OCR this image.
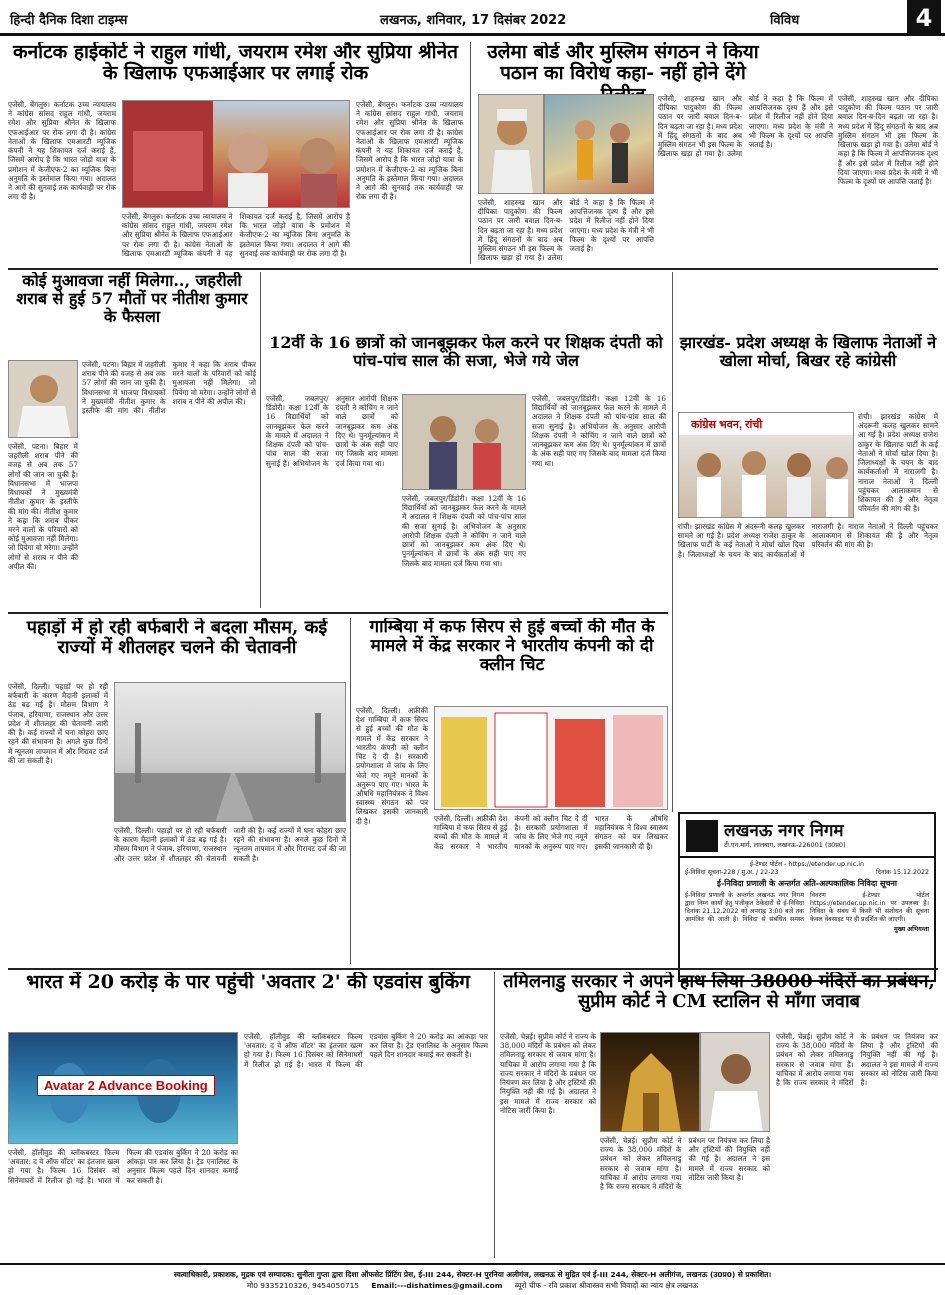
हिन्दी दैनिक दिशा टाइम्स	लखनऊ, शनिवार, 17 दिसंबर 2022	विविध	4
कर्नाटक हाईकोर्ट ने राहुल गांधी, जयराम रमेश और सुप्रिया श्रीनेत के खिलाफ एफआईआर पर लगाई रोक

एजेंसी, बेंगलुरु। कर्नाटक उच्च न्यायालय ने कांग्रेस सांसद राहुल गांधी, जयराम रमेश और सुप्रिया श्रीनेत के खिलाफ एफआईआर पर रोक लगा दी है। कांग्रेस नेताओं के खिलाफ एमआरटी म्यूजिक कंपनी ने यह शिकायत दर्ज कराई है, जिसमें आरोप है कि भारत जोड़ो यात्रा के प्रमोशन में केजीएफ-2 का म्यूजिक बिना अनुमति के इस्तेमाल किया गया। अदालत ने आगे की सुनवाई तक कार्यवाही पर रोक लगा दी है।

एजेंसी, बेंगलुरु। कर्नाटक उच्च न्यायालय ने कांग्रेस सांसद राहुल गांधी, जयराम रमेश और सुप्रिया श्रीनेत के खिलाफ एफआईआर पर रोक लगा दी है। कांग्रेस नेताओं के खिलाफ एमआरटी म्यूजिक कंपनी ने यह शिकायत दर्ज कराई है, जिसमें आरोप है कि भारत जोड़ो यात्रा के प्रमोशन में केजीएफ-2 का म्यूजिक बिना अनुमति के इस्तेमाल किया गया। अदालत ने आगे की सुनवाई तक कार्यवाही पर रोक लगा दी है।

एजेंसी, बेंगलुरु। कर्नाटक उच्च न्यायालय ने कांग्रेस सांसद राहुल गांधी, जयराम रमेश और सुप्रिया श्रीनेत के खिलाफ एफआईआर पर रोक लगा दी है। कांग्रेस नेताओं के खिलाफ एमआरटी म्यूजिक कंपनी ने यह शिकायत दर्ज कराई है, जिसमें आरोप है कि भारत जोड़ो यात्रा के प्रमोशन में केजीएफ-2 का म्यूजिक बिना अनुमति के इस्तेमाल किया गया। अदालत ने आगे की सुनवाई तक कार्यवाही पर रोक लगा दी है।

उलेमा बोर्ड और मुस्लिम संगठन ने किया पठान का विरोध कहा- नहीं होने देंगे

एजेंसी, शाहरुख खान और दीपिका पादुकोण की फिल्म पठान पर जारी बवाल दिन-ब-दिन बढ़ता जा रहा है। मध्य प्रदेश में हिंदू संगठनों के बाद अब मुस्लिम संगठन भी इस फिल्म के खिलाफ खड़ा हो गया है। उलेमा बोर्ड ने कहा है कि फिल्म में आपत्तिजनक दृश्य हैं और इसे प्रदेश में रिलीज नहीं होने दिया जाएगा। मध्य प्रदेश के मंत्री ने भी फिल्म के दृश्यों पर आपत्ति जताई है।

एजेंसी, शाहरुख खान और दीपिका पादुकोण की फिल्म पठान पर जारी बवाल दिन-ब-दिन बढ़ता जा रहा है। मध्य प्रदेश में हिंदू संगठनों के बाद अब मुस्लिम संगठन भी इस फिल्म के खिलाफ खड़ा हो गया है। उलेमा बोर्ड ने कहा है कि फिल्म में आपत्तिजनक दृश्य हैं और इसे प्रदेश में रिलीज नहीं होने दिया जाएगा। मध्य प्रदेश के मंत्री ने भी फिल्म के दृश्यों पर आपत्ति जताई है।

एजेंसी, शाहरुख खान और दीपिका पादुकोण की फिल्म पठान पर जारी बवाल दिन-ब-दिन बढ़ता जा रहा है। मध्य प्रदेश में हिंदू संगठनों के बाद अब मुस्लिम संगठन भी इस फिल्म के खिलाफ खड़ा हो गया है। उलेमा बोर्ड ने कहा है कि फिल्म में आपत्तिजनक दृश्य हैं और इसे प्रदेश में रिलीज नहीं होने दिया जाएगा। मध्य प्रदेश के मंत्री ने भी फिल्म के दृश्यों पर आपत्ति जताई है।

कोई मुआवजा नहीं मिलेगा.., जहरीली शराब से हुई 57 मौतों पर नीतीश कुमार के फैसला

एजेंसी, पटना। बिहार में जहरीली शराब पीने की वजह से अब तक 57 लोगों की जान जा चुकी है। विधानसभा में भाजपा विधायकों ने मुख्यमंत्री नीतीश कुमार के इस्तीफे की मांग की। नीतीश कुमार ने कहा कि शराब पीकर मरने वालों के परिवारों को कोई मुआवजा नहीं मिलेगा। जो पियेगा वो मरेगा। उन्होंने लोगों से शराब न पीने की अपील की।

एजेंसी, पटना। बिहार में जहरीली शराब पीने की वजह से अब तक 57 लोगों की जान जा चुकी है। विधानसभा में भाजपा विधायकों ने मुख्यमंत्री नीतीश कुमार के इस्तीफे की मांग की। नीतीश कुमार ने कहा कि शराब पीकर मरने वालों के परिवारों को कोई मुआवजा नहीं मिलेगा। जो पियेगा वो मरेगा। उन्होंने लोगों से शराब न पीने की अपील की।

12वीं के 16 छात्रों को जानबूझकर फेल करने पर शिक्षक दंपती को पांच-पांच साल की सजा, भेजे गये जेल

एजेंसी, जबलपुर/डिंडोरी। कक्षा 12वीं के 16 विद्यार्थियों को जानबूझकर फेल करने के मामले में अदालत ने शिक्षक दंपती को पांच-पांच साल की सजा सुनाई है। अभियोजन के अनुसार आरोपी शिक्षक दंपती ने कोचिंग न जाने वाले छात्रों को जानबूझकर कम अंक दिए थे। पुनर्मूल्यांकन में छात्रों के अंक सही पाए गए जिसके बाद मामला दर्ज किया गया था।

एजेंसी, जबलपुर/डिंडोरी। कक्षा 12वीं के 16 विद्यार्थियों को जानबूझकर फेल करने के मामले में अदालत ने शिक्षक दंपती को पांच-पांच साल की सजा सुनाई है। अभियोजन के अनुसार आरोपी शिक्षक दंपती ने कोचिंग न जाने वाले छात्रों को जानबूझकर कम अंक दिए थे। पुनर्मूल्यांकन में छात्रों के अंक सही पाए गए जिसके बाद मामला दर्ज किया गया था।

एजेंसी, जबलपुर/डिंडोरी। कक्षा 12वीं के 16 विद्यार्थियों को जानबूझकर फेल करने के मामले में अदालत ने शिक्षक दंपती को पांच-पांच साल की सजा सुनाई है। अभियोजन के अनुसार आरोपी शिक्षक दंपती ने कोचिंग न जाने वाले छात्रों को जानबूझकर कम अंक दिए थे। पुनर्मूल्यांकन में छात्रों के अंक सही पाए गए जिसके बाद मामला दर्ज किया गया था।

झारखंड- प्रदेश अध्यक्ष के खिलाफ नेताओं ने खोला मोर्चा, बिखर रहे कांग्रेसी
कांग्रेस भवन, रांची

रांची। झारखंड कांग्रेस में अंदरूनी कलह खुलकर सामने आ गई है। प्रदेश अध्यक्ष राजेश ठाकुर के खिलाफ पार्टी के कई नेताओं ने मोर्चा खोल दिया है। जिलाध्यक्षों के चयन के बाद कार्यकर्ताओं में नाराजगी है। नाराज नेताओं ने दिल्ली पहुंचकर आलाकमान से शिकायत की है और नेतृत्व परिवर्तन की मांग की है।

रांची। झारखंड कांग्रेस में अंदरूनी कलह खुलकर सामने आ गई है। प्रदेश अध्यक्ष राजेश ठाकुर के खिलाफ पार्टी के कई नेताओं ने मोर्चा खोल दिया है। जिलाध्यक्षों के चयन के बाद कार्यकर्ताओं में नाराजगी है। नाराज नेताओं ने दिल्ली पहुंचकर आलाकमान से शिकायत की है और नेतृत्व परिवर्तन की मांग की है।

पहाड़ों में हो रही बर्फबारी ने बदला मौसम, कई राज्यों में शीतलहर चलने की चेतावनी

एजेंसी, दिल्ली। पहाड़ों पर हो रही बर्फबारी के कारण मैदानी इलाकों में ठंड बढ़ गई है। मौसम विभाग ने पंजाब, हरियाणा, राजस्थान और उत्तर प्रदेश में शीतलहर की चेतावनी जारी की है। कई राज्यों में घना कोहरा छाए रहने की संभावना है। अगले कुछ दिनों में न्यूनतम तापमान में और गिरावट दर्ज की जा सकती है।

एजेंसी, दिल्ली। पहाड़ों पर हो रही बर्फबारी के कारण मैदानी इलाकों में ठंड बढ़ गई है। मौसम विभाग ने पंजाब, हरियाणा, राजस्थान और उत्तर प्रदेश में शीतलहर की चेतावनी जारी की है। कई राज्यों में घना कोहरा छाए रहने की संभावना है। अगले कुछ दिनों में न्यूनतम तापमान में और गिरावट दर्ज की जा सकती है।

गाम्बिया में कफ सिरप से हुई बच्चों की मौत के मामले में केंद्र सरकार ने भारतीय कंपनी को दी क्लीन चिट

एजेंसी, दिल्ली। अफ्रीकी देश गाम्बिया में कफ सिरप से हुई बच्चों की मौत के मामले में केंद्र सरकार ने भारतीय कंपनी को क्लीन चिट दे दी है। सरकारी प्रयोगशाला में जांच के लिए भेजे गए नमूने मानकों के अनुरूप पाए गए। भारत के औषधि महानियंत्रक ने विश्व स्वास्थ्य संगठन को पत्र लिखकर इसकी जानकारी दी है।	एजेंसी, दिल्ली। अफ्रीकी देश गाम्बिया में कफ सिरप से हुई बच्चों की मौत के मामले में केंद्र सरकार ने भारतीय कंपनी को क्लीन चिट दे दी है। सरकारी प्रयोगशाला में जांच के लिए भेजे गए नमूने मानकों के अनुरूप पाए गए। भारत के औषधि महानियंत्रक ने विश्व स्वास्थ्य संगठन को पत्र लिखकर इसकी जानकारी दी है।

लखनऊ नगर निगम
टी.एन.मार्ग, लालबाग, लखनऊ-226001 (उ0प्र0)
ई-टेण्डर पोर्टल - https://etender.up.nic.in
ई-निविदा सूचना-228 / मु.अ. / 22-23	दिनांक 15.12.2022
ई-निविदा प्रणाली के अन्तर्गत अति-अल्पकालिक निविदा सूचना
ई-निविदा प्रणाली के अन्तर्गत लखनऊ नगर निगम द्वारा निम्न कार्यों हेतु पंजीकृत ठेकेदारों से ई-निविदा दिनांक 21.12.2022 को अपराह्न 3:00 बजे तक आमंत्रित की जाती है। निविदा से संबंधित समस्त विवरण ई-टेण्डर पोर्टल https://etender.up.nic.in पर उपलब्ध है। निविदा के संबंध में किसी भी संशोधन की सूचना केवल वेबसाइट पर ही प्रदर्शित की जाएगी।
मुख्य अभियन्ता
भारत में 20 करोड़ के पार पहुंची 'अवतार 2' की एडवांस बुकिंग
Avatar 2 Advance Booking

एजेंसी, हॉलीवुड की ब्लॉकबस्टर फिल्म 'अवतार: द वे ऑफ वॉटर' का इंतजार खत्म हो गया है। फिल्म 16 दिसंबर को सिनेमाघरों में रिलीज हो गई है। भारत में फिल्म की एडवांस बुकिंग ने 20 करोड़ का आंकड़ा पार कर लिया है। ट्रेड एनालिस्ट के अनुसार फिल्म पहले दिन शानदार कमाई कर सकती है।

एजेंसी, हॉलीवुड की ब्लॉकबस्टर फिल्म 'अवतार: द वे ऑफ वॉटर' का इंतजार खत्म हो गया है। फिल्म 16 दिसंबर को सिनेमाघरों में रिलीज हो गई है। भारत में फिल्म की एडवांस बुकिंग ने 20 करोड़ का आंकड़ा पार कर लिया है। ट्रेड एनालिस्ट के अनुसार फिल्म पहले दिन शानदार कमाई कर सकती है।

तमिलनाडु सरकार ने अपने हाथ लिया 38000 मंदिरों का प्रबंधन, सुप्रीम कोर्ट ने CM स्टालिन से माँगा जवाब

एजेंसी, चेन्नई। सुप्रीम कोर्ट ने राज्य के 38,000 मंदिरों के प्रबंधन को लेकर तमिलनाडु सरकार से जवाब मांगा है। याचिका में आरोप लगाया गया है कि राज्य सरकार ने मंदिरों के प्रबंधन पर नियंत्रण कर लिया है और ट्रस्टियों की नियुक्ति नहीं की गई है। अदालत ने इस मामले में राज्य सरकार को नोटिस जारी किया है।

एजेंसी, चेन्नई। सुप्रीम कोर्ट ने राज्य के 38,000 मंदिरों के प्रबंधन को लेकर तमिलनाडु सरकार से जवाब मांगा है। याचिका में आरोप लगाया गया है कि राज्य सरकार ने मंदिरों के प्रबंधन पर नियंत्रण कर लिया है और ट्रस्टियों की नियुक्ति नहीं की गई है। अदालत ने इस मामले में राज्य सरकार को नोटिस जारी किया है।

एजेंसी, चेन्नई। सुप्रीम कोर्ट ने राज्य के 38,000 मंदिरों के प्रबंधन को लेकर तमिलनाडु सरकार से जवाब मांगा है। याचिका में आरोप लगाया गया है कि राज्य सरकार ने मंदिरों के प्रबंधन पर नियंत्रण कर लिया है और ट्रस्टियों की नियुक्ति नहीं की गई है। अदालत ने इस मामले में राज्य सरकार को नोटिस जारी किया है।

स्वत्वाधिकारी, प्रकाशक, मुद्रक एवं सम्पादक: सुनीता गुप्ता द्वारा दिशा ऑफसेट प्रिंटिंग प्रेस, ई-III 244, सेक्टर-H पुरनिया अलीगंज, लखनऊ से मुद्रित एवं ई-III 244, सेक्टर-H अलीगंज, लखनऊ (उ0प्र0) से प्रकाशित।
मो0 9335210326, 9454050715 Email:---dishatimes@gmail.com ब्यूरो चीफ - रवि प्रकाश श्रीवास्तव सभी विवादों का न्याय क्षेत्र लखनऊ
